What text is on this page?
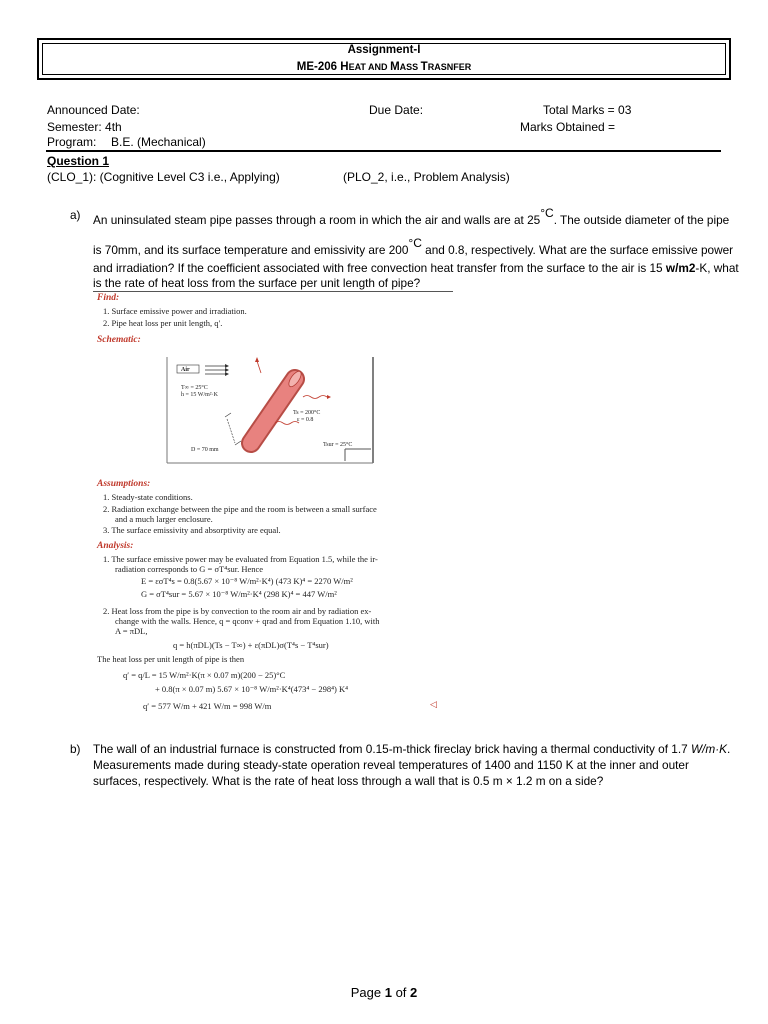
Assignment-I
ME-206 HEAT AND MASS TRASNFER
Announced Date:	Due Date:	Total Marks = 03
Semester: 4th	Marks Obtained =
Program: B.E. (Mechanical)
Question 1
(CLO_1): (Cognitive Level C3 i.e., Applying)	(PLO_2, i.e., Problem Analysis)
a) An uninsulated steam pipe passes through a room in which the air and walls are at $25^{^\circ C}$. The outside diameter of the pipe
is 70mm, and its surface temperature and emissivity are $200^{^\circ C}$ and 0.8, respectively. What are the surface emissive power
and irradiation? If the coefficient associated with free convection heat transfer from the surface to the air is 15 w/m2-K, what
is the rate of heat loss from the surface per unit length of pipe?
Find:
1. Surface emissive power and irradiation.
2. Pipe heat loss per unit length, q′.
Schematic:
Air
T∞ = 25°C
h = 15 W/m²·K
Ts = 200°C
ε = 0.8
Tsur = 25°C
D = 70 mm
Assumptions:
1. Steady-state conditions.
2. Radiation exchange between the pipe and the room is between a small surface
and a much larger enclosure.
3. The surface emissivity and absorptivity are equal.
Analysis:
1. The surface emissive power may be evaluated from Equation 1.5, while the ir-
radiation corresponds to G = σT⁴sur. Hence
E = εσT⁴s = 0.8(5.67 × 10⁻⁸ W/m²·K⁴) (473 K)⁴ = 2270 W/m²
G = σT⁴sur = 5.67 × 10⁻⁸ W/m²·K⁴ (298 K)⁴ = 447 W/m²
2. Heat loss from the pipe is by convection to the room air and by radiation ex-
change with the walls. Hence, q = qconv + qrad and from Equation 1.10, with
A = πDL,
q = h(πDL)(Ts − T∞) + ε(πDL)σ(T⁴s − T⁴sur)
The heat loss per unit length of pipe is then
q′ = q/L = 15 W/m²·K(π × 0.07 m)(200 − 25)°C
+ 0.8(π × 0.07 m) 5.67 × 10⁻⁸ W/m²·K⁴(473⁴ − 298⁴) K⁴
q′ = 577 W/m + 421 W/m = 998 W/m	◁
b) The wall of an industrial furnace is constructed from 0.15-m-thick fireclay brick having a thermal conductivity of 1.7 W/m·K.
Measurements made during steady-state operation reveal temperatures of 1400 and 1150 K at the inner and outer
surfaces, respectively. What is the rate of heat loss through a wall that is 0.5 m × 1.2 m on a side?
Page 1 of 2
